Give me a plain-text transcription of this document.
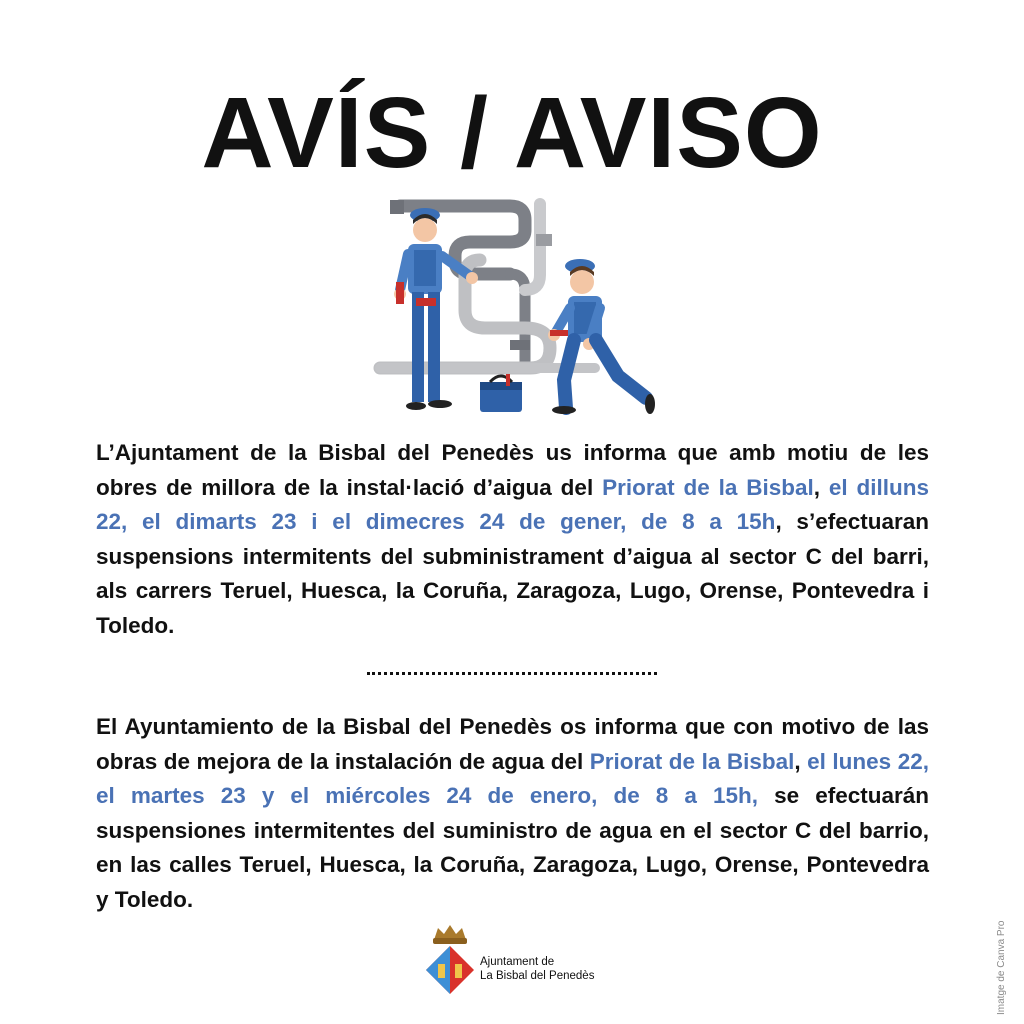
AVÍS / AVISO

L’Ajuntament de la Bisbal del Penedès us informa que amb motiu de les obres de millora de la instal·lació d’aigua del Priorat de la Bisbal, el dilluns 22, el dimarts 23 i el dimecres 24 de gener, de 8 a 15h, s’efectuaran suspensions intermitents del subministrament d’aigua al sector C del barri, als carrers Teruel, Huesca, la Coruña, Zaragoza, Lugo, Orense, Pontevedra i Toledo.

El Ayuntamiento de la Bisbal del Penedès os informa que con motivo de las obras de mejora de la instalación de agua del Priorat de la Bisbal, el lunes 22, el martes 23 y el miércoles 24 de enero, de 8 a 15h, se efectuarán suspensiones intermitentes del suministro de agua en el sector C del barrio, en las calles Teruel, Huesca, la Coruña, Zaragoza, Lugo, Orense, Pontevedra y Toledo.

Ajuntament de
La Bisbal del Penedès	Imatge de Canva Pro
